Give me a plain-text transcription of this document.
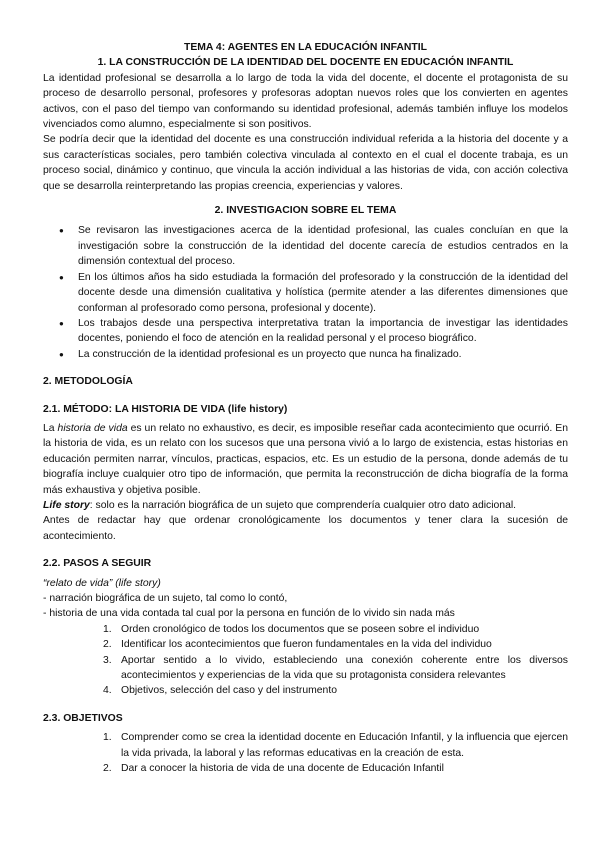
TEMA 4: AGENTES EN LA EDUCACIÓN INFANTIL
1. LA CONSTRUCCIÓN DE LA IDENTIDAD DEL DOCENTE EN EDUCACIÓN INFANTIL

La identidad profesional se desarrolla a lo largo de toda la vida del docente, el docente el protagonista de su proceso de desarrollo personal, profesores y profesoras adoptan nuevos roles que los convierten en agentes activos, con el paso del tiempo van conformando su identidad profesional, además también influye los modelos vivenciados como alumno, especialmente si son positivos.

Se podría decir que la identidad del docente es una construcción individual referida a la historia del docente y a sus características sociales, pero también colectiva vinculada al contexto en el cual el docente trabaja, es un proceso social, dinámico y continuo, que vincula la acción individual a las historias de vida, con acción colectiva que se desarrolla reinterpretando las propias creencia, experiencias y valores.

2. INVESTIGACION SOBRE EL TEMA
● Se revisaron las investigaciones acerca de la identidad profesional, las cuales concluían en que la investigación sobre la construcción de la identidad del docente carecía de estudios centrados en la dimensión contextual del proceso.
● En los últimos años ha sido estudiada la formación del profesorado y la construcción de la identidad del docente desde una dimensión cualitativa y holística (permite atender a las diferentes dimensiones que conforman al profesorado como persona, profesional y docente).
● Los trabajos desde una perspectiva interpretativa tratan la importancia de investigar las identidades docentes, poniendo el foco de atención en la realidad personal y el proceso biográfico.
● La construcción de la identidad profesional es un proyecto que nunca ha finalizado.
2. METODOLOGÍA
2.1. MÉTODO: LA HISTORIA DE VIDA (life history)

La historia de vida es un relato no exhaustivo, es decir, es imposible reseñar cada acontecimiento que ocurrió. En la historia de vida, es un relato con los sucesos que una persona vivió a lo largo de existencia, estas historias en educación permiten narrar, vínculos, practicas, espacios, etc. Es un estudio de la persona, donde además de tu biografía incluye cualquier otro tipo de información, que permita la reconstrucción de dicha biografía de la forma más exhaustiva y objetiva posible.

Life story: solo es la narración biográfica de un sujeto que comprendería cualquier otro dato adicional.

Antes de redactar hay que ordenar cronológicamente los documentos y tener clara la sucesión de acontecimiento.

2.2. PASOS A SEGUIR
“relato de vida” (life story)
- narración biográfica de un sujeto, tal como lo contó,
- historia de una vida contada tal cual por la persona en función de lo vivido sin nada más
1. Orden cronológico de todos los documentos que se poseen sobre el individuo
2. Identificar los acontecimientos que fueron fundamentales en la vida del individuo
3. Aportar sentido a lo vivido, estableciendo una conexión coherente entre los diversos acontecimientos y experiencias de la vida que su protagonista considera relevantes
4. Objetivos, selección del caso y del instrumento
2.3. OBJETIVOS
1. Comprender como se crea la identidad docente en Educación Infantil, y la influencia que ejercen la vida privada, la laboral y las reformas educativas en la creación de esta.
2. Dar a conocer la historia de vida de una docente de Educación Infantil
